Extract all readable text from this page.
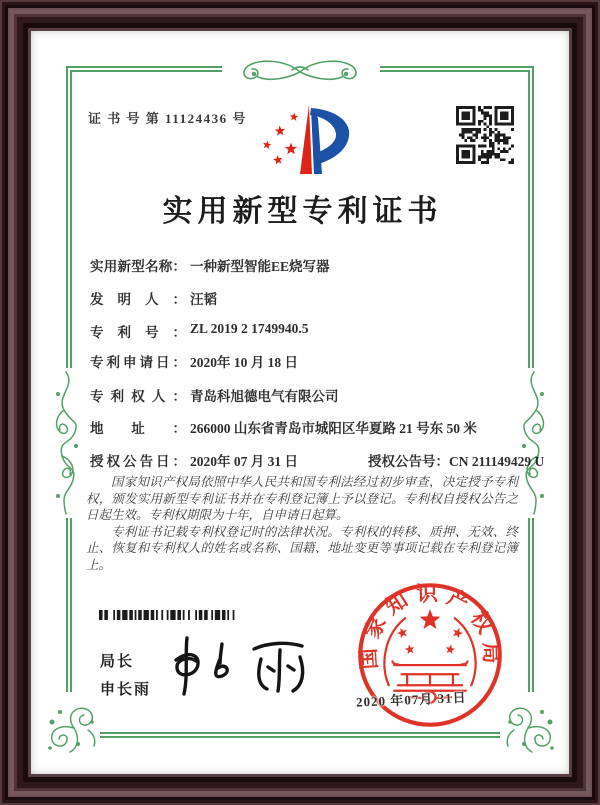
证 书 号 第 11124436 号
实用新型专利证书
实用新型名称： 一种新型智能EE烧写器
发明人： 汪韬
专利号： ZL 2019 2 1749940.5
专利申请日： 2020年 10 月 18 日
专利权人： 青岛科旭德电气有限公司
地址： 266000 山东省青岛市城阳区华夏路 21 号东 50 米
授权公告日： 2020年 07 月 31 日	授权公告号：CN 211149429 U

国家知识产权局依照中华人民共和国专利法经过初步审查，决定授予专利权，颁发实用新型专利证书并在专利登记簿上予以登记。专利权自授权公告之日起生效。专利权期限为十年，自申请日起算。

专利证书记载专利权登记时的法律状况。专利权的转移、质押、无效、终止、恢复和专利权人的姓名或名称、国籍、地址变更等事项记载在专利登记簿上。

局长
申长雨
国家知识产权局
2020 年07月 31日
